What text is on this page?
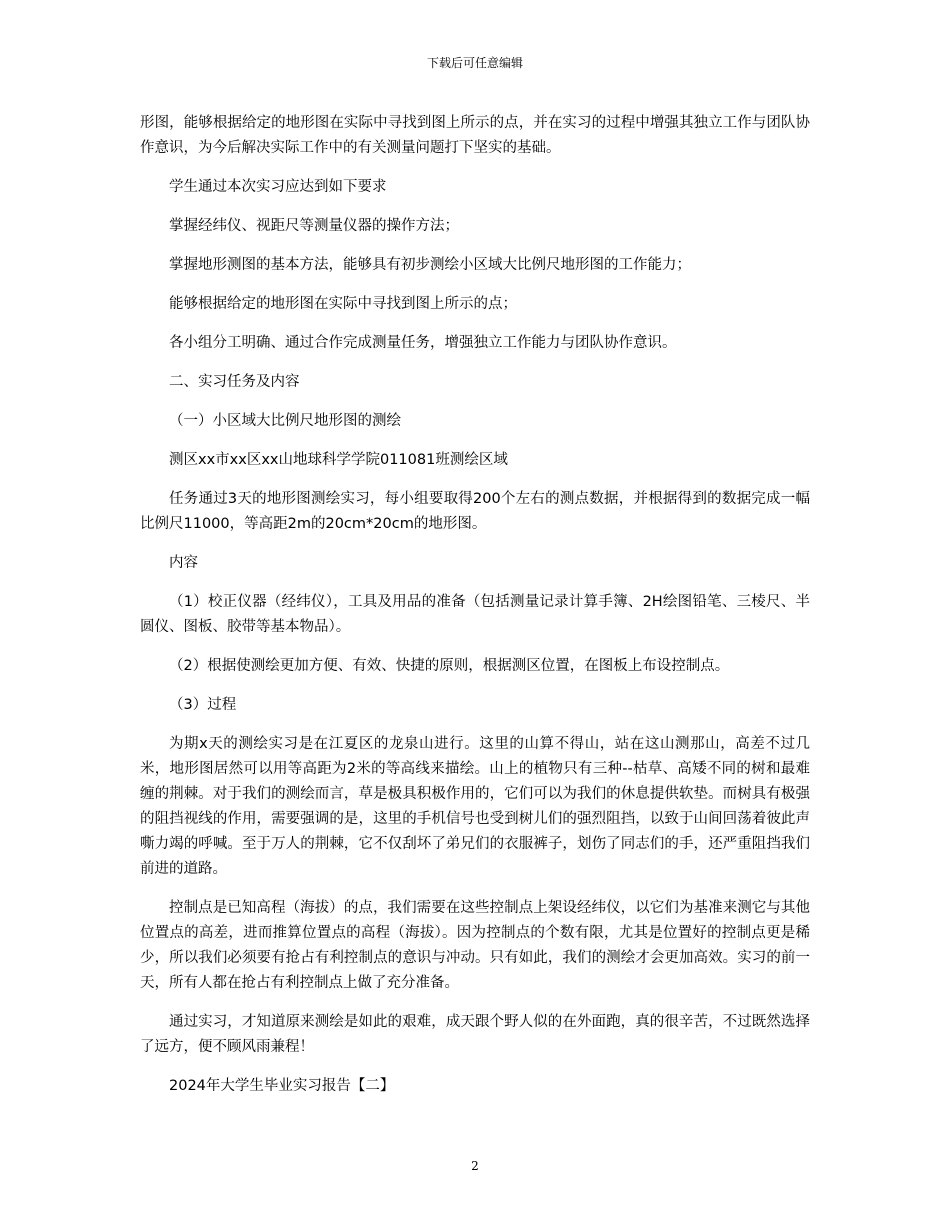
下载后可任意编辑

形图，能够根据给定的地形图在实际中寻找到图上所示的点，并在实习的过程中增强其独立工作与团队协作意识，为今后解决实际工作中的有关测量问题打下坚实的基础。

学生通过本次实习应达到如下要求

掌握经纬仪、视距尺等测量仪器的操作方法；

掌握地形测图的基本方法，能够具有初步测绘小区域大比例尺地形图的工作能力；

能够根据给定的地形图在实际中寻找到图上所示的点；

各小组分工明确、通过合作完成测量任务，增强独立工作能力与团队协作意识。

二、实习任务及内容

（一）小区域大比例尺地形图的测绘

测区xx市xx区xx山地球科学学院011081班测绘区域

任务通过3天的地形图测绘实习，每小组要取得200个左右的测点数据，并根据得到的数据完成一幅比例尺11000，等高距2m的20cm*20cm的地形图。

内容

（1）校正仪器（经纬仪），工具及用品的准备（包括测量记录计算手簿、2H绘图铅笔、三棱尺、半圆仪、图板、胶带等基本物品）。

（2）根据使测绘更加方便、有效、快捷的原则，根据测区位置，在图板上布设控制点。

（3）过程

为期x天的测绘实习是在江夏区的龙泉山进行。这里的山算不得山，站在这山测那山，高差不过几米，地形图居然可以用等高距为2米的等高线来描绘。山上的植物只有三种--枯草、高矮不同的树和最难缠的荆棘。对于我们的测绘而言，草是极具积极作用的，它们可以为我们的休息提供软垫。而树具有极强的阻挡视线的作用，需要强调的是，这里的手机信号也受到树儿们的强烈阻挡，以致于山间回荡着彼此声嘶力竭的呼喊。至于万人的荆棘，它不仅刮坏了弟兄们的衣服裤子，划伤了同志们的手，还严重阻挡我们前进的道路。

控制点是已知高程（海拔）的点，我们需要在这些控制点上架设经纬仪，以它们为基准来测它与其他位置点的高差，进而推算位置点的高程（海拔）。因为控制点的个数有限，尤其是位置好的控制点更是稀少，所以我们必须要有抢占有利控制点的意识与冲动。只有如此，我们的测绘才会更加高效。实习的前一天，所有人都在抢占有利控制点上做了充分准备。

通过实习，才知道原来测绘是如此的艰难，成天跟个野人似的在外面跑，真的很辛苦，不过既然选择了远方，便不顾风雨兼程！

2024年大学生毕业实习报告【二】

2
